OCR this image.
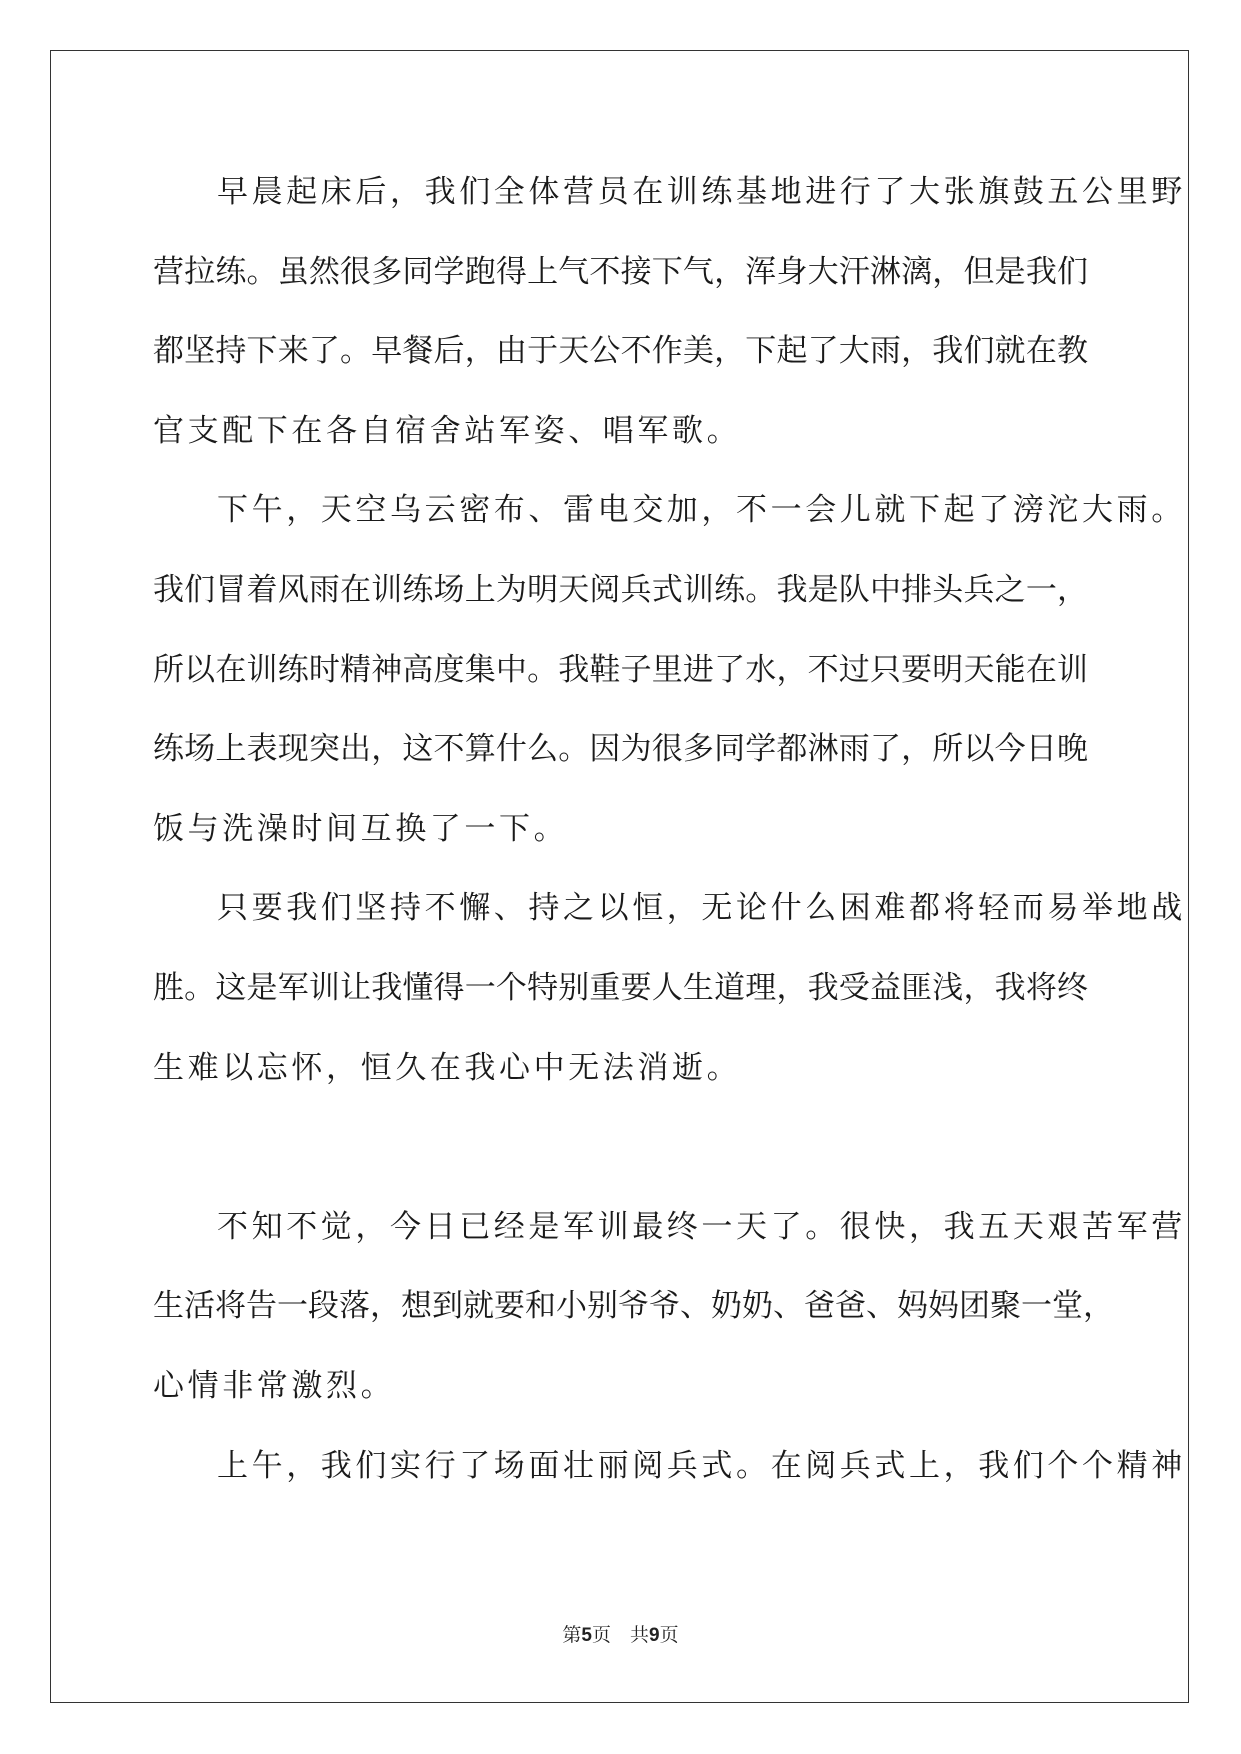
早晨起床后，我们全体营员在训练基地进行了大张旗鼓五公里野
营拉练。虽然很多同学跑得上气不接下气，浑身大汗淋漓，但是我们
都坚持下来了。早餐后，由于天公不作美，下起了大雨，我们就在教
官支配下在各自宿舍站军姿、唱军歌。
下午，天空乌云密布、雷电交加，不一会儿就下起了滂沱大雨。
我们冒着风雨在训练场上为明天阅兵式训练。我是队中排头兵之一，
所以在训练时精神高度集中。我鞋子里进了水，不过只要明天能在训
练场上表现突出，这不算什么。因为很多同学都淋雨了，所以今日晚
饭与洗澡时间互换了一下。
只要我们坚持不懈、持之以恒，无论什么困难都将轻而易举地战
胜。这是军训让我懂得一个特别重要人生道理，我受益匪浅，我将终
生难以忘怀，恒久在我心中无法消逝。
不知不觉，今日已经是军训最终一天了。很快，我五天艰苦军营
生活将告一段落，想到就要和小别爷爷、奶奶、爸爸、妈妈团聚一堂，
心情非常激烈。
上午，我们实行了场面壮丽阅兵式。在阅兵式上，我们个个精神
第5页　共9页
